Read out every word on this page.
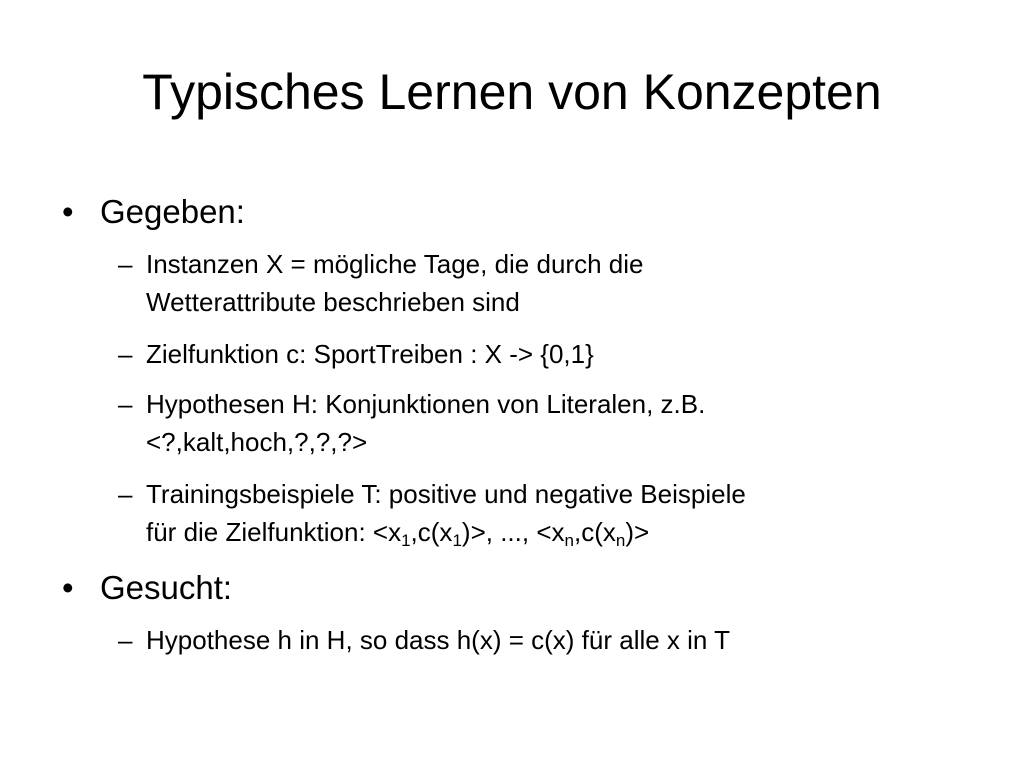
Typisches Lernen von Konzepten
• Gegeben:
– Instanzen X = mögliche Tage, die durch die
Wetterattribute beschrieben sind
– Zielfunktion c: SportTreiben : X -> {0,1}
– Hypothesen H: Konjunktionen von Literalen, z.B.
<?,kalt,hoch,?,?,?>
– Trainingsbeispiele T: positive und negative Beispiele
für die Zielfunktion: $<x_1,c(x_1)>$, ..., $<x_n,c(x_n)>$
• Gesucht:
– Hypothese h in H, so dass h(x) = c(x) für alle x in T
